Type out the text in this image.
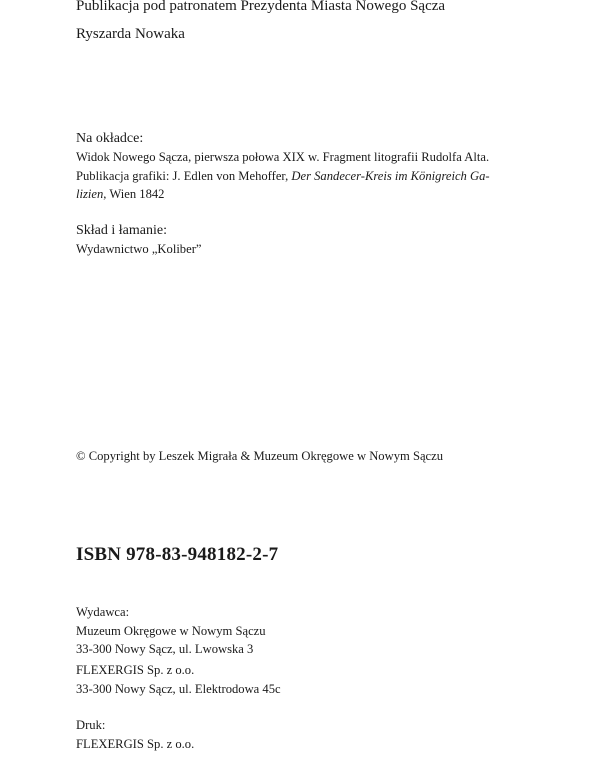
Publikacja pod patronatem Prezydenta Miasta Nowego Sącza
Ryszarda Nowaka
Na okładce:
Widok Nowego Sącza, pierwsza połowa XIX w. Fragment litografii Rudolfa Alta.
Publikacja grafiki: J. Edlen von Mehoffer, Der Sandecer-Kreis im Königreich Ga-
lizien, Wien 1842
Skład i łamanie:
Wydawnictwo „Koliber”
© Copyright by Leszek Migrała & Muzeum Okręgowe w Nowym Sączu
ISBN 978-83-948182-2-7
Wydawca:
Muzeum Okręgowe w Nowym Sączu
33-300 Nowy Sącz, ul. Lwowska 3
FLEXERGIS Sp. z o.o.
33-300 Nowy Sącz, ul. Elektrodowa 45c
Druk:
FLEXERGIS Sp. z o.o.
